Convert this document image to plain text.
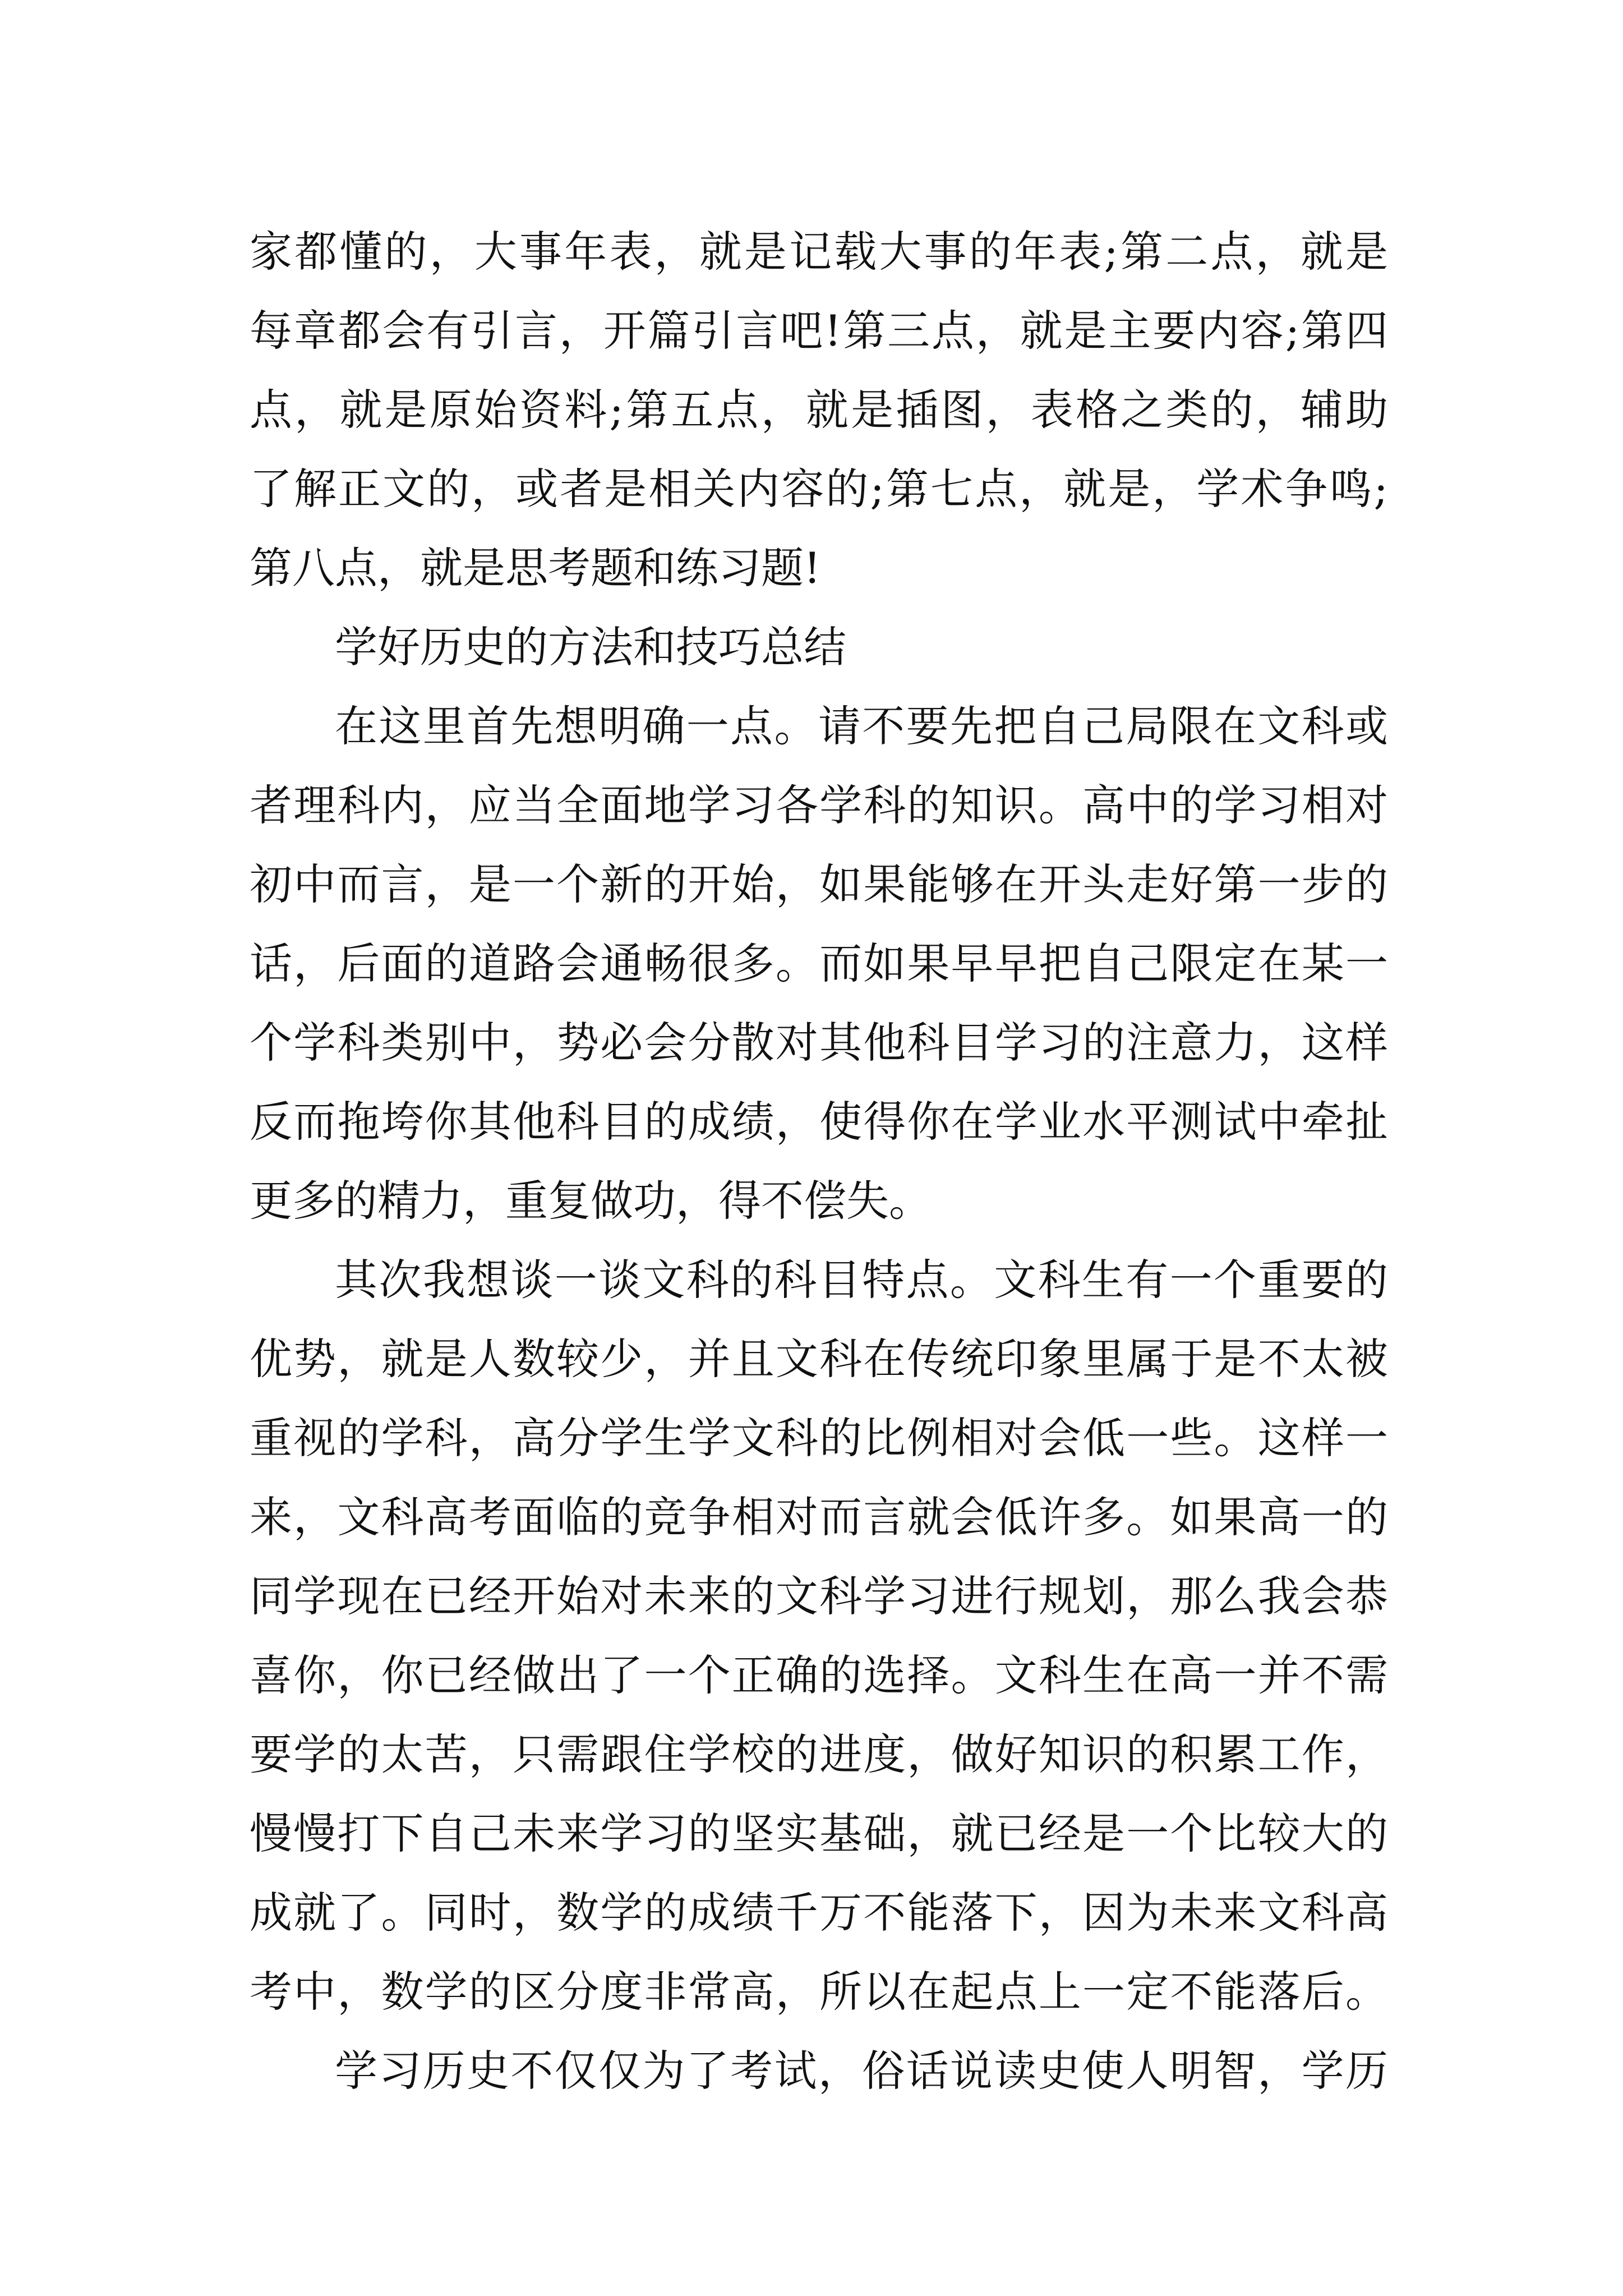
家都懂的，大事年表，就是记载大事的年表;第二点，就是
每章都会有引言，开篇引言吧!第三点，就是主要内容;第四
点，就是原始资料;第五点，就是插图，表格之类的，辅助
了解正文的，或者是相关内容的;第七点，就是，学术争鸣;
第八点，就是思考题和练习题!
学好历史的方法和技巧总结
在这里首先想明确一点。请不要先把自己局限在文科或
者理科内，应当全面地学习各学科的知识。高中的学习相对
初中而言，是一个新的开始，如果能够在开头走好第一步的
话，后面的道路会通畅很多。而如果早早把自己限定在某一
个学科类别中，势必会分散对其他科目学习的注意力，这样
反而拖垮你其他科目的成绩，使得你在学业水平测试中牵扯
更多的精力，重复做功，得不偿失。
其次我想谈一谈文科的科目特点。文科生有一个重要的
优势，就是人数较少，并且文科在传统印象里属于是不太被
重视的学科，高分学生学文科的比例相对会低一些。这样一
来，文科高考面临的竞争相对而言就会低许多。如果高一的
同学现在已经开始对未来的文科学习进行规划，那么我会恭
喜你，你已经做出了一个正确的选择。文科生在高一并不需
要学的太苦，只需跟住学校的进度，做好知识的积累工作，
慢慢打下自己未来学习的坚实基础，就已经是一个比较大的
成就了。同时，数学的成绩千万不能落下，因为未来文科高
考中，数学的区分度非常高，所以在起点上一定不能落后。
学习历史不仅仅为了考试，俗话说读史使人明智，学历
